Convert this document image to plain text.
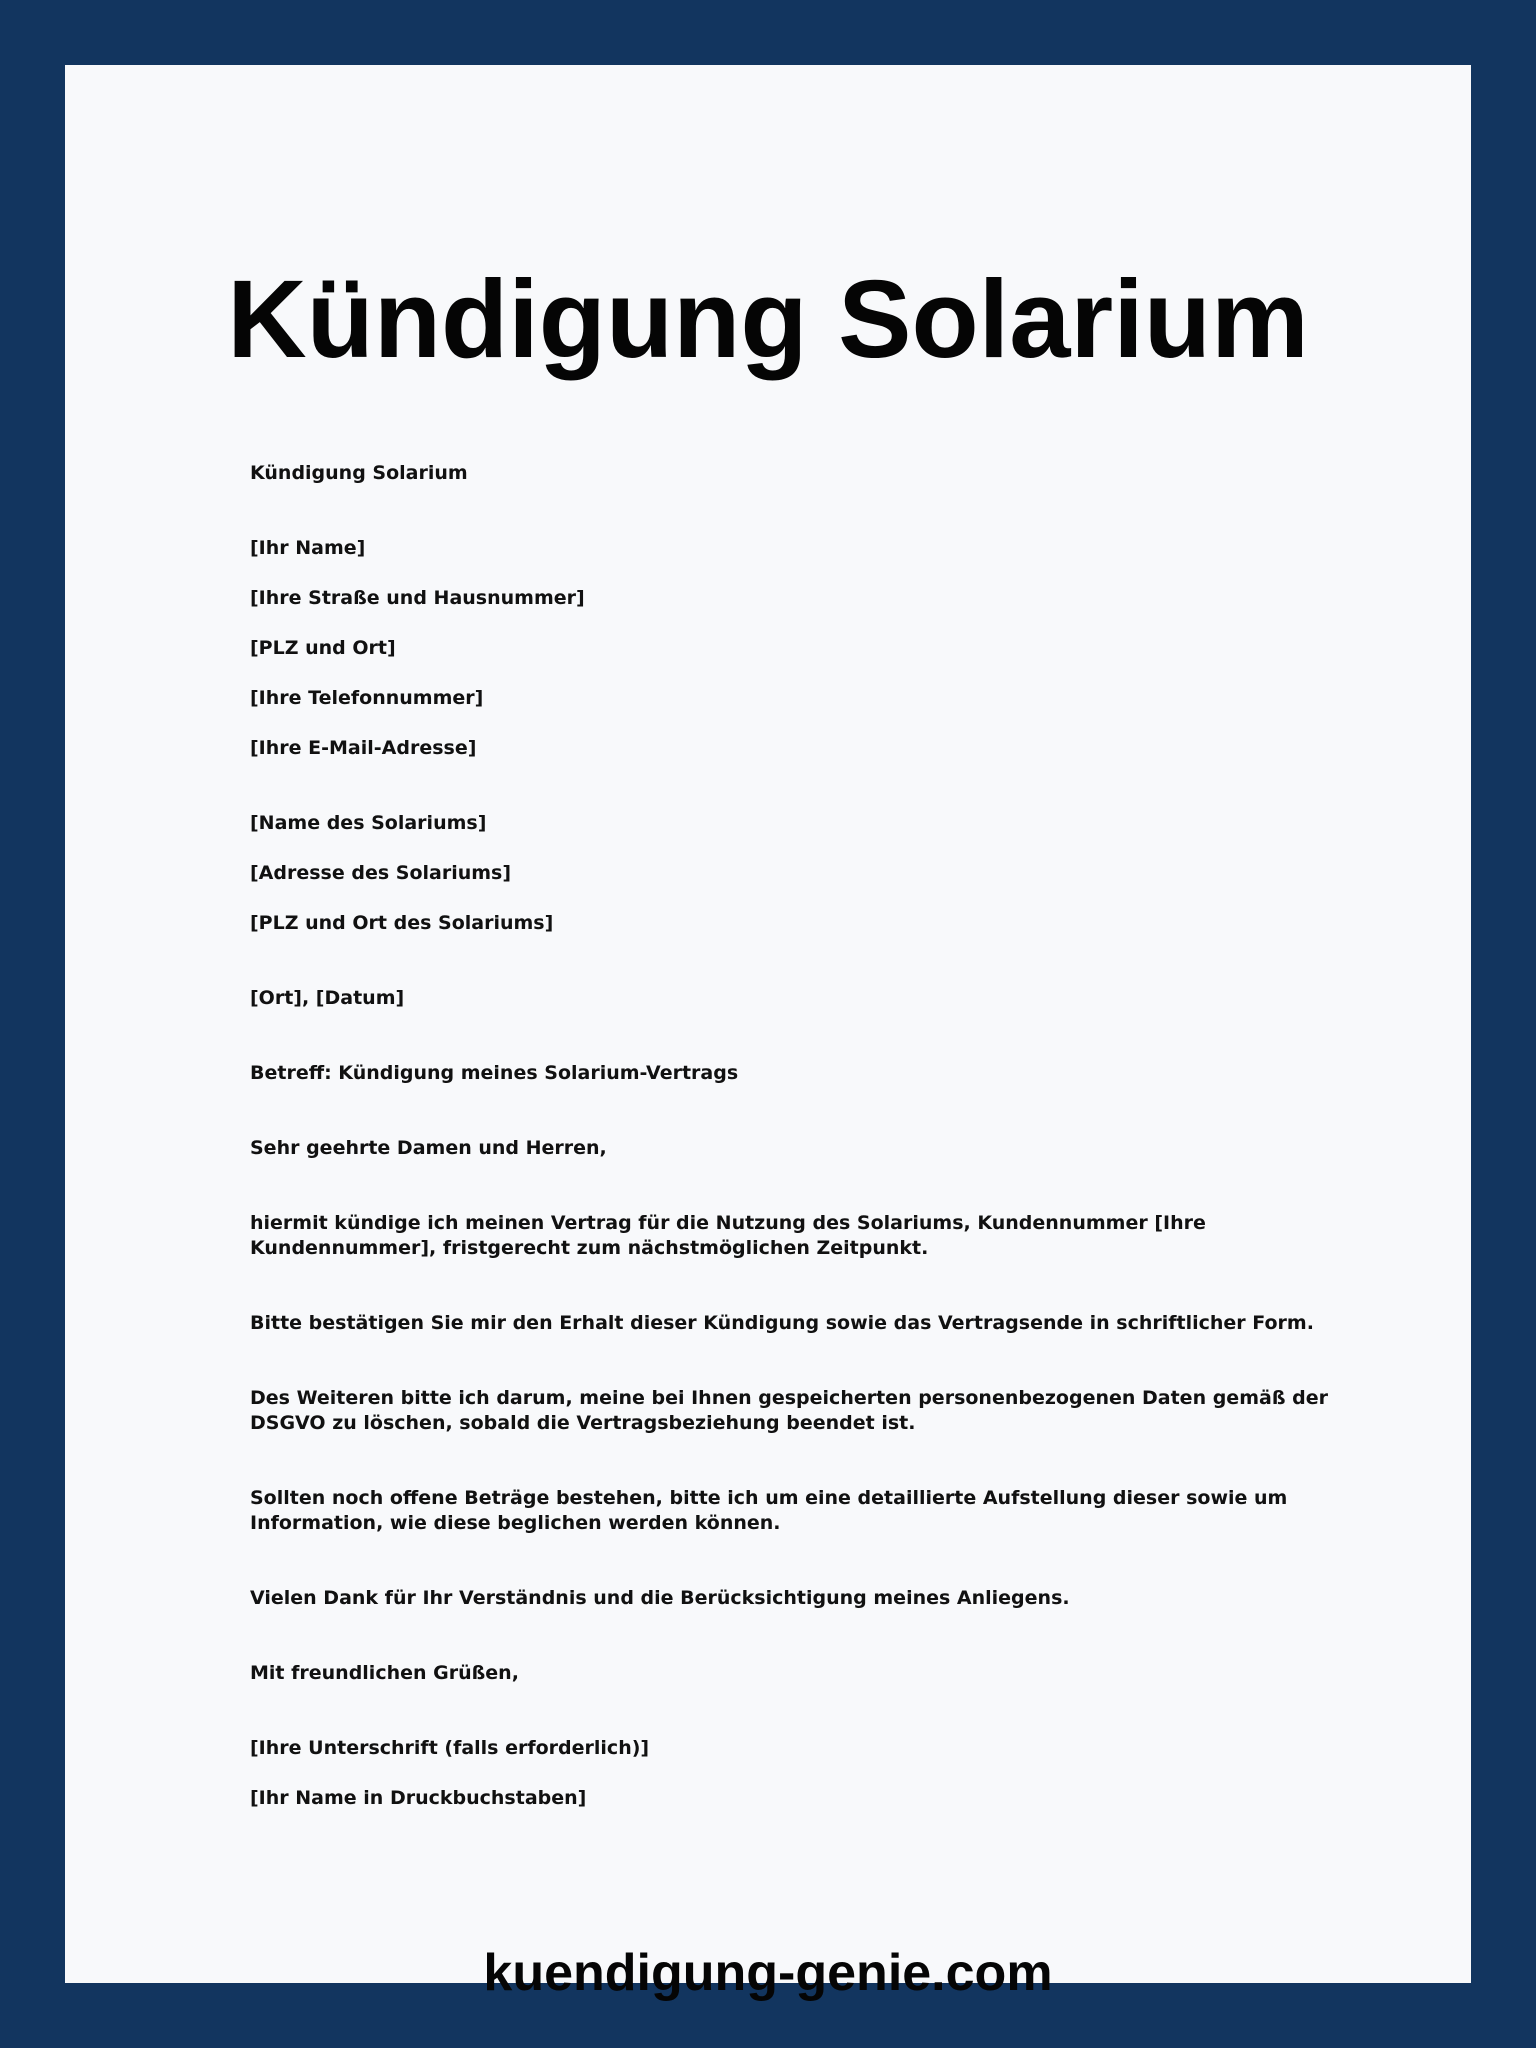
Kündigung Solarium
Kündigung Solarium
[Ihr Name]
[Ihre Straße und Hausnummer]
[PLZ und Ort]
[Ihre Telefonnummer]
[Ihre E-Mail-Adresse]
[Name des Solariums]
[Adresse des Solariums]
[PLZ und Ort des Solariums]
[Ort], [Datum]
Betreff: Kündigung meines Solarium-Vertrags
Sehr geehrte Damen und Herren,

hiermit kündige ich meinen Vertrag für die Nutzung des Solariums, Kundennummer [Ihre Kundennummer], fristgerecht zum nächstmöglichen Zeitpunkt.

Bitte bestätigen Sie mir den Erhalt dieser Kündigung sowie das Vertragsende in schriftlicher Form.

Des Weiteren bitte ich darum, meine bei Ihnen gespeicherten personenbezogenen Daten gemäß der DSGVO zu löschen, sobald die Vertragsbeziehung beendet ist.

Sollten noch offene Beträge bestehen, bitte ich um eine detaillierte Aufstellung dieser sowie um Information, wie diese beglichen werden können.

Vielen Dank für Ihr Verständnis und die Berücksichtigung meines Anliegens.

Mit freundlichen Grüßen,
[Ihre Unterschrift (falls erforderlich)]
[Ihr Name in Druckbuchstaben]
kuendigung-genie.com
